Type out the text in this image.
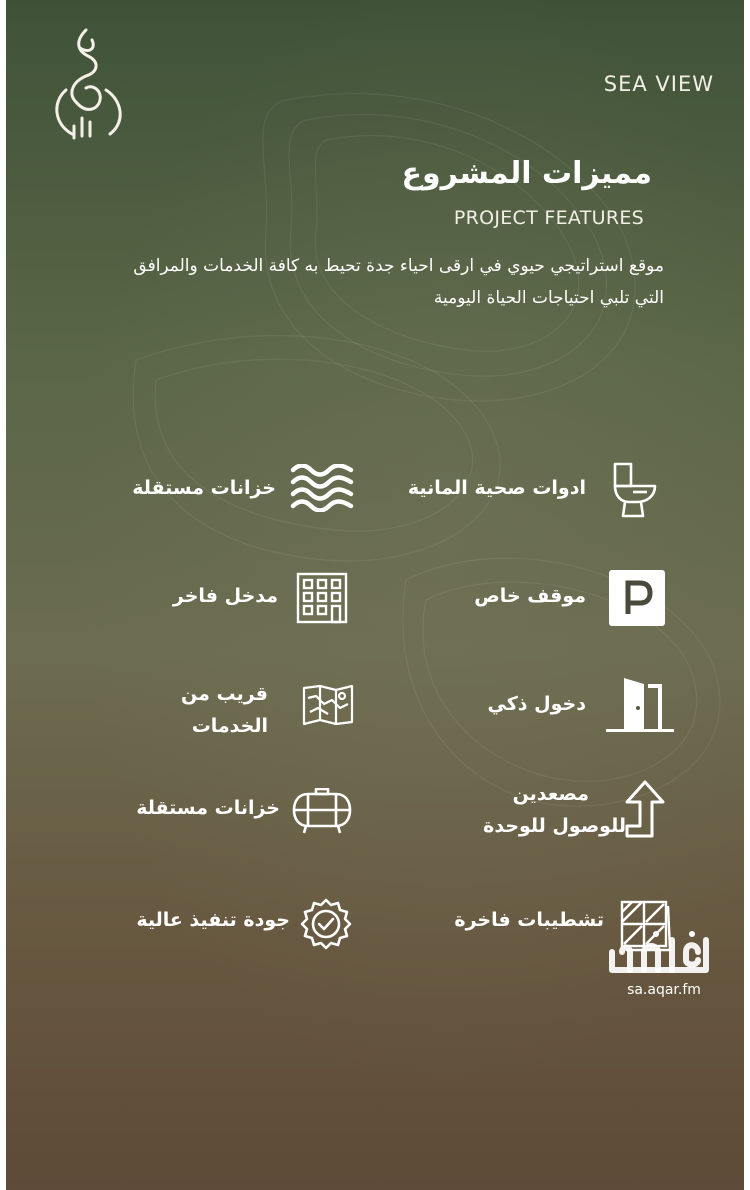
SEA VIEW
مميزات المشروع
PROJECT FEATURES
موقع استراتيجي حيوي في ارقى احياء جدة تحيط به كافة الخدمات والمرافق
التي تلبي احتياجات الحياة اليومية
ادوات صحية المانية
موقف خاص
دخول ذكي
مصعدين
للوصول للوحدة
تشطيبات فاخرة
خزانات مستقلة
مدخل فاخر
قريب من
الخدمات
خزانات مستقلة
جودة تنفيذ عالية
sa.aqar.fm
